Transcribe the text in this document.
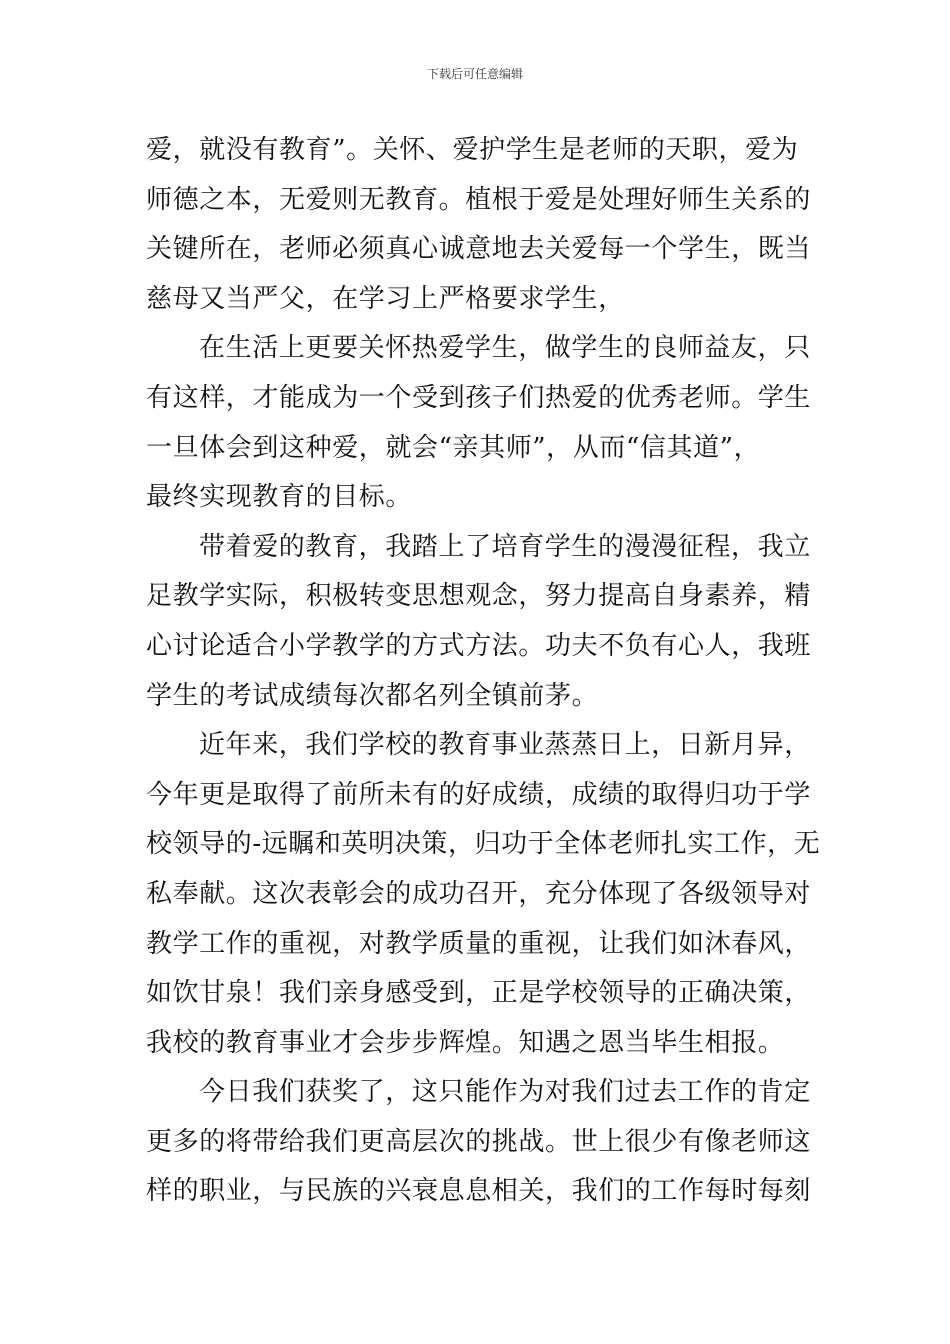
下载后可任意编辑
爱，就没有教育”。关怀、爱护学生是老师的天职，爱为
师德之本，无爱则无教育。植根于爱是处理好师生关系的
关键所在，老师必须真心诚意地去关爱每一个学生，既当
慈母又当严父，在学习上严格要求学生，
在生活上更要关怀热爱学生，做学生的良师益友，只
有这样，才能成为一个受到孩子们热爱的优秀老师。学生
一旦体会到这种爱，就会“亲其师”，从而“信其道”，
最终实现教育的目标。
带着爱的教育，我踏上了培育学生的漫漫征程，我立
足教学实际，积极转变思想观念，努力提高自身素养，精
心讨论适合小学教学的方式方法。功夫不负有心人，我班
学生的考试成绩每次都名列全镇前茅。
近年来，我们学校的教育事业蒸蒸日上，日新月异，
今年更是取得了前所未有的好成绩，成绩的取得归功于学
校领导的-远瞩和英明决策，归功于全体老师扎实工作，无
私奉献。这次表彰会的成功召开，充分体现了各级领导对
教学工作的重视，对教学质量的重视，让我们如沐春风，
如饮甘泉！我们亲身感受到，正是学校领导的正确决策，
我校的教育事业才会步步辉煌。知遇之恩当毕生相报。
今日我们获奖了，这只能作为对我们过去工作的肯定
更多的将带给我们更高层次的挑战。世上很少有像老师这
样的职业，与民族的兴衰息息相关，我们的工作每时每刻
